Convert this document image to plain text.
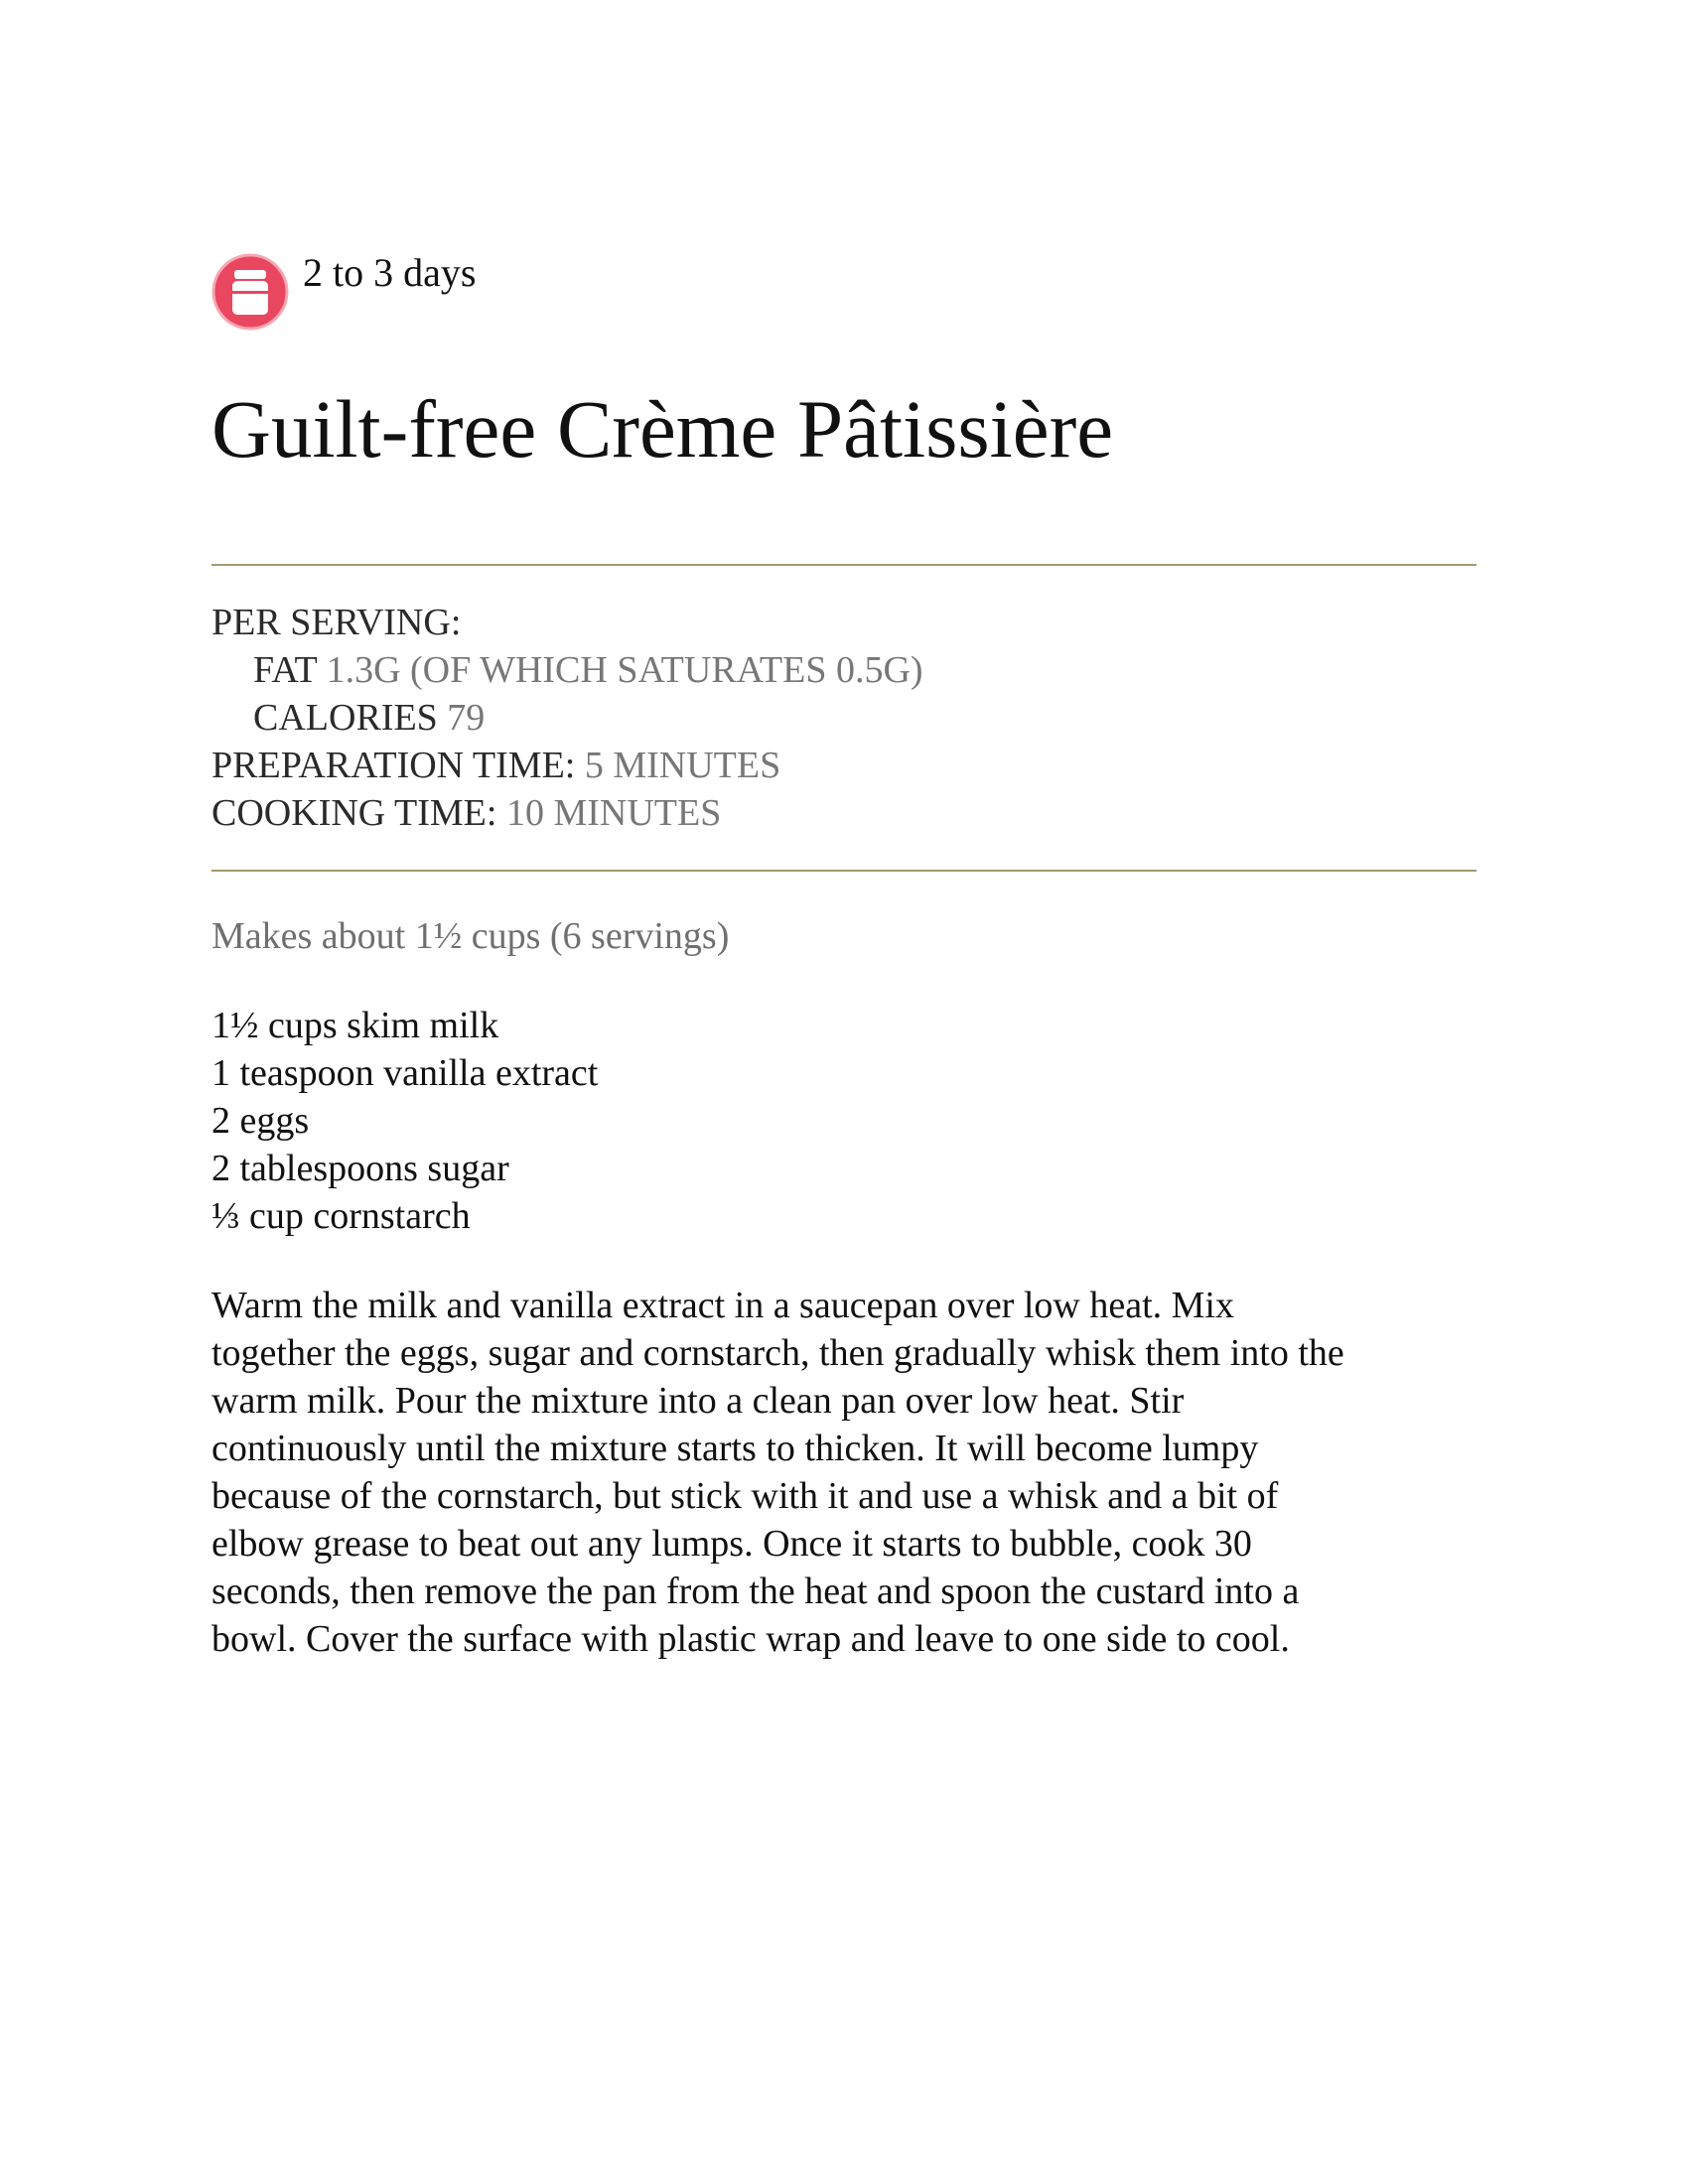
2 to 3 days
Guilt-free Crème Pâtissière
PER SERVING:
FAT 1.3G (OF WHICH SATURATES 0.5G)
CALORIES 79
PREPARATION TIME: 5 MINUTES
COOKING TIME: 10 MINUTES
Makes about 1½ cups (6 servings)
1½ cups skim milk
1 teaspoon vanilla extract
2 eggs
2 tablespoons sugar
⅓ cup cornstarch

Warm the milk and vanilla extract in a saucepan over low heat. Mix
together the eggs, sugar and cornstarch, then gradually whisk them into the
warm milk. Pour the mixture into a clean pan over low heat. Stir
continuously until the mixture starts to thicken. It will become lumpy
because of the cornstarch, but stick with it and use a whisk and a bit of
elbow grease to beat out any lumps. Once it starts to bubble, cook 30
seconds, then remove the pan from the heat and spoon the custard into a
bowl. Cover the surface with plastic wrap and leave to one side to cool.
